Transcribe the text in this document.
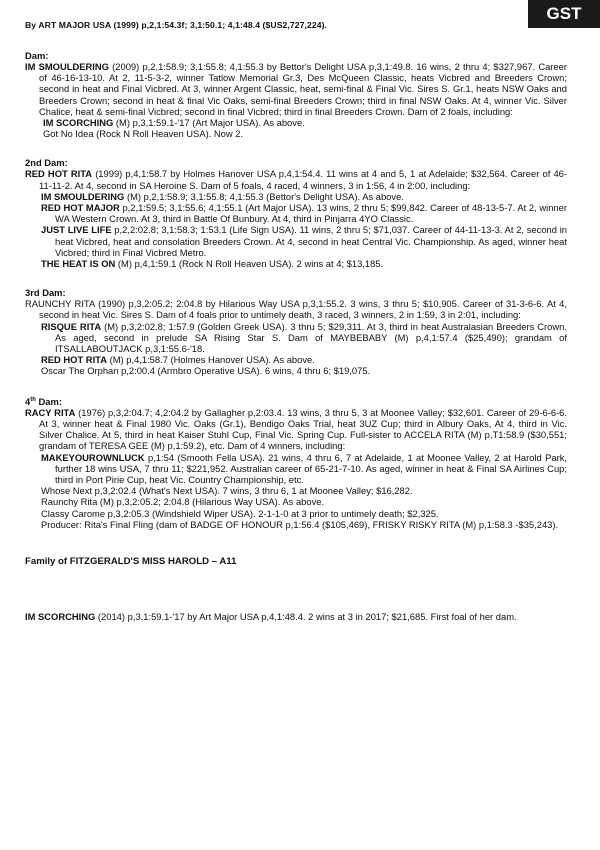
GST
By ART MAJOR USA (1999) p,2,1:54.3f; 3,1:50.1; 4,1:48.4 ($US2,727,224).
Dam:
IM SMOULDERING (2009) p,2,1:58.9; 3,1:55.8; 4,1:55.3 by Bettor's Delight USA p,3,1:49.8. 16 wins, 2 thru 4; $327,967. Career of 46-16-13-10. At 2, 11-5-3-2, winner Tatlow Memorial Gr.3, Des McQueen Classic, heats Vicbred and Breeders Crown; second in heat and Final Vicbred. At 3, winner Argent Classic, heat, semi-final & Final Vic. Sires S. Gr.1, heats NSW Oaks and Breeders Crown; second in heat & final Vic Oaks, semi-final Breeders Crown; third in final NSW Oaks. At 4, winner Vic. Silver Chalice, heat & semi-final Vicbred; second in final Vicbred; third in final Breeders Crown. Dam of 2 foals, including:
IM SCORCHING (M) p,3,1:59.1-'17 (Art Major USA). As above.
Got No Idea (Rock N Roll Heaven USA). Now 2.
2nd Dam:
RED HOT RITA (1999) p,4,1:58.7 by Holmes Hanover USA p,4,1:54.4. 11 wins at 4 and 5, 1 at Adelaide; $32,564. Career of 46-11-11-2. At 4, second in SA Heroine S. Dam of 5 foals, 4 raced, 4 winners, 3 in 1:56, 4 in 2:00, including:
IM SMOULDERING (M) p,2,1:58.9; 3,1:55.8; 4,1:55.3 (Bettor's Delight USA). As above.
RED HOT MAJOR p,2,1:59.5; 3,1:55.6; 4,1:55.1 (Art Major USA). 13 wins, 2 thru 5; $99,842. Career of 48-13-5-7. At 2, winner WA Western Crown. At 3, third in Battle Of Bunbury. At 4, third in Pinjarra 4YO Classic.
JUST LIVE LIFE p,2,2:02.8; 3,1:58.3; 1:53.1 (Life Sign USA). 11 wins, 2 thru 5; $71,037. Career of 44-11-13-3. At 2, second in heat Vicbred, heat and consolation Breeders Crown. At 4, second in heat Central Vic. Championship. As aged, winner heat Vicbred; third in Final Vicbred Metro.
THE HEAT IS ON (M) p,4,1:59.1 (Rock N Roll Heaven USA). 2 wins at 4; $13,185.
3rd Dam:
RAUNCHY RITA (1990) p,3,2:05.2; 2:04.8 by Hilarious Way USA p,3,1:55.2. 3 wins, 3 thru 5; $10,905. Career of 31-3-6-6. At 4, second in heat Vic. Sires S. Dam of 4 foals prior to untimely death, 3 raced, 3 winners, 2 in 1:59, 3 in 2:01, including:
RISQUE RITA (M) p,3,2:02.8; 1:57.9 (Golden Greek USA). 3 thru 5; $29,311. At 3, third in heat Australasian Breeders Crown. As aged, second in prelude SA Rising Star S. Dam of MAYBEBABY (M) p,4,1:57.4 ($25,490); grandam of ITSALLABOUTJACK p,3,1:55.6-'18.
RED HOT RITA (M) p,4,1:58.7 (Holmes Hanover USA). As above.
Oscar The Orphan p,2:00.4 (Armbro Operative USA). 6 wins, 4 thru 6; $19,075.
4th Dam:
RACY RITA (1976) p,3,2:04.7; 4,2:04.2 by Gallagher p,2:03.4. 13 wins, 3 thru 5, 3 at Moonee Valley; $32,601. Career of 29-6-6-6. At 3, winner heat & Final 1980 Vic. Oaks (Gr.1), Bendigo Oaks Trial, heat 3UZ Cup; third in Albury Oaks, At 4, third in Vic. Silver Chalice. At 5, third in heat Kaiser Stuhl Cup, Final Vic. Spring Cup. Full-sister to ACCELA RITA (M) p,T1:58.9 ($30,551; grandam of TERESA GEE (M) p,1:59.2), etc. Dam of 4 winners, including:
MAKEYOUROWNLUCK p,1:54 (Smooth Fella USA). 21 wins, 4 thru 6, 7 at Adelaide, 1 at Moonee Valley, 2 at Harold Park, further 18 wins USA, 7 thru 11; $221,952. Australian career of 65-21-7-10. As aged, winner in heat & Final SA Airlines Cup; third in Port Pirie Cup, heat Vic. Country Championship, etc.
Whose Next p,3,2:02.4 (What's Next USA). 7 wins, 3 thru 6, 1 at Moonee Valley; $16,282.
Raunchy Rita (M) p,3,2:05.2; 2:04.8 (Hilarious Way USA). As above.
Classy Carome p,3,2:05.3 (Windshield Wiper USA). 2-1-1-0 at 3 prior to untimely death; $2,325.
Producer: Rita's Final Fling (dam of BADGE OF HONOUR p,1:56.4 ($105,469), FRISKY RISKY RITA (M) p,1:58.3 -$35,243).
Family of FITZGERALD'S MISS HAROLD – A11
IM SCORCHING (2014) p,3,1:59.1-'17 by Art Major USA p,4,1:48.4. 2 wins at 3 in 2017; $21,685. First foal of her dam.
